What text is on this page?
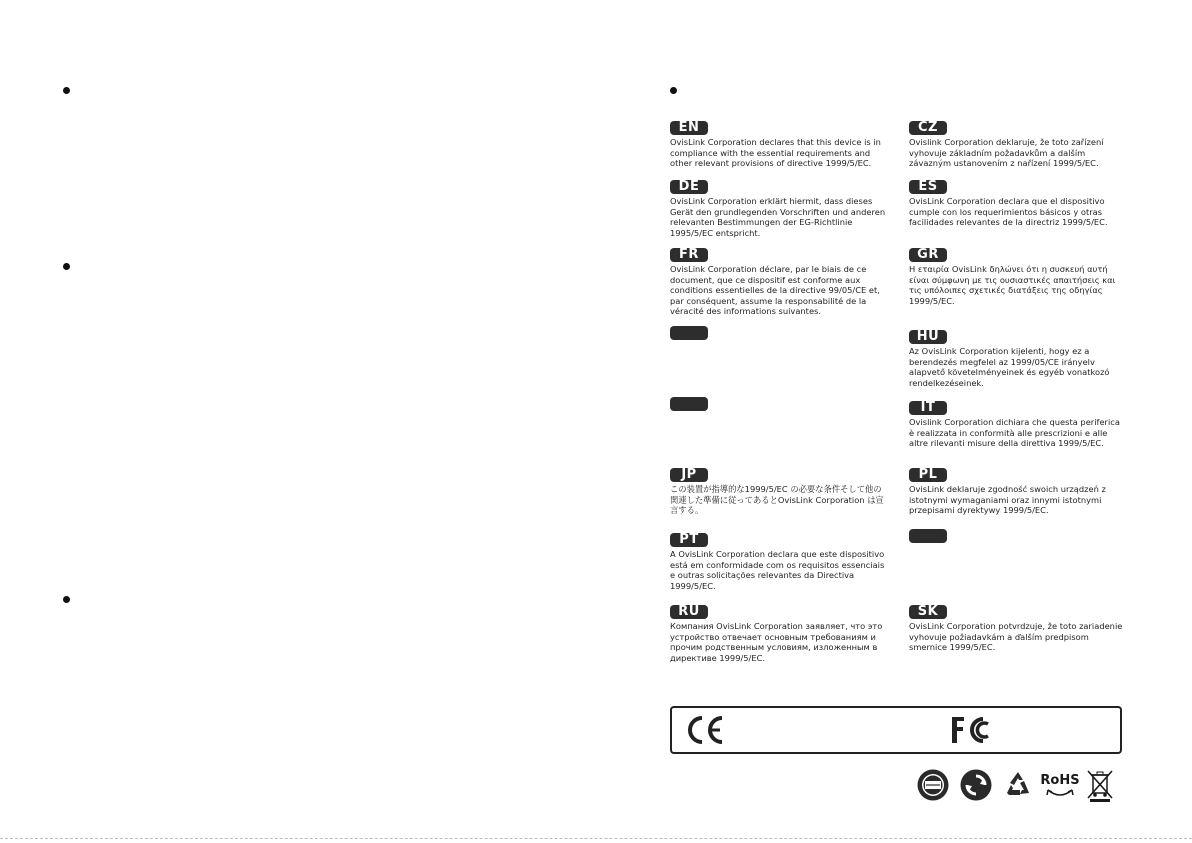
EN

OvisLink Corporation declares that this device is in compliance with the essential requirements and other relevant provisions of directive 1999/5/EC.

CZ

Ovislink Corporation deklaruje, že toto zařízení vyhovuje základním požadavkům a dalším závazným ustanovením z nařízení 1999/5/EC.

DE

OvisLink Corporation erklärt hiermit, dass dieses Gerät den grundlegenden Vorschriften und anderen relevanten Bestimmungen der EG-Richtlinie 1995/5/EC entspricht.

ES

OvisLink Corporation declara que el dispositivo cumple con los requerimientos básicos y otras facilidades relevantes de la directriz 1999/5/EC.

FR

OvisLink Corporation déclare, par le biais de ce document, que ce dispositif est conforme aux conditions essentielles de la directive 99/05/CE et, par conséquent, assume la responsabilité de la véracité des informations suivantes.

GR

Η εταιρία OvisLink δηλώνει ότι η συσκευή αυτή είναι σύμφωνη με τις ουσιαστικές απαιτήσεις και τις υπόλοιπες σχετικές διατάξεις της οδηγίας 1999/5/EC.

HU

Az OvisLink Corporation kijelenti, hogy ez a berendezés megfelel az 1999/05/CE irányelv alapvető követelményeinek és egyéb vonatkozó rendelkezéseinek.

IT

Ovislink Corporation dichiara che questa periferica è realizzata in conformità alle prescrizioni e alle altre rilevanti misure della direttiva 1999/5/EC.

JP

この装置が指導的な1999/5/EC の必要な条件そして他の関連した準備に従ってあるとOvisLink Corporation は宣言する。

PL

OvisLink deklaruje zgodność swoich urządzeń z istotnymi wymaganiami oraz innymi istotnymi przepisami dyrektywy 1999/5/EC.

PT

A OvisLink Corporation declara que este dispositivo está em conformidade com os requisitos essenciais e outras solicitações relevantes da Directiva 1999/5/EC.

RU

Компания OvisLink Corporation заявляет, что это устройство отвечает основным требованиям и прочим родственным условиям, изложенным в директиве 1999/5/EC.

SK

OvisLink Corporation potvrdzuje, že toto zariadenie vyhovuje požiadavkám a ďalším predpisom smernice 1999/5/EC.

RoHS
